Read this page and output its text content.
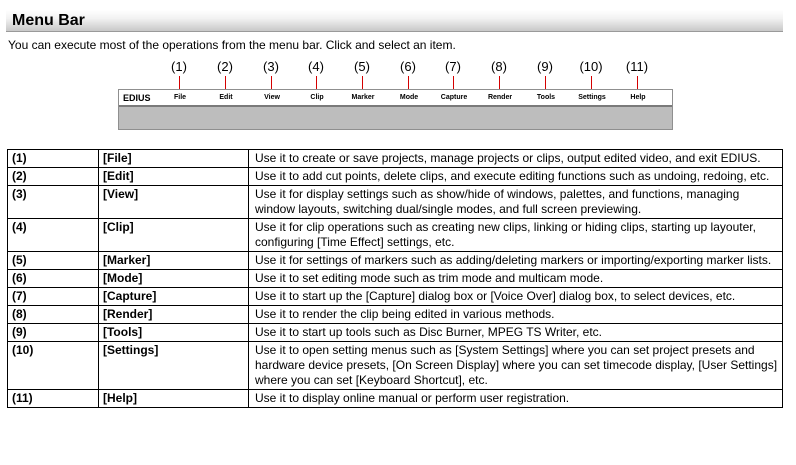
Menu Bar
You can execute most of the operations from the menu bar. Click and select an item.
(1) (2) (3) (4) (5) (6) (7) (8) (9) (10) (11)
EDIUS	File	Edit	View	Clip	Marker	Mode	Capture	Render	Tools	Settings	Help
(1)	[File]	Use it to create or save projects, manage projects or clips, output edited video, and exit EDIUS.
(2)	[Edit]	Use it to add cut points, delete clips, and execute editing functions such as undoing, redoing, etc.
(3)	[View]	Use it for display settings such as show/hide of windows, palettes, and functions, managing window layouts, switching dual/single modes, and full screen previewing.
(4)	[Clip]	Use it for clip operations such as creating new clips, linking or hiding clips, starting up layouter, configuring [Time Effect] settings, etc.
(5)	[Marker]	Use it for settings of markers such as adding/deleting markers or importing/exporting marker lists.
(6)	[Mode]	Use it to set editing mode such as trim mode and multicam mode.
(7)	[Capture]	Use it to start up the [Capture] dialog box or [Voice Over] dialog box, to select devices, etc.
(8)	[Render]	Use it to render the clip being edited in various methods.
(9)	[Tools]	Use it to start up tools such as Disc Burner, MPEG TS Writer, etc.
(10)	[Settings]	Use it to open setting menus such as [System Settings] where you can set project presets and hardware device presets, [On Screen Display] where you can set timecode display, [User Settings] where you can set [Keyboard Shortcut], etc.
(11)	[Help]	Use it to display online manual or perform user registration.
